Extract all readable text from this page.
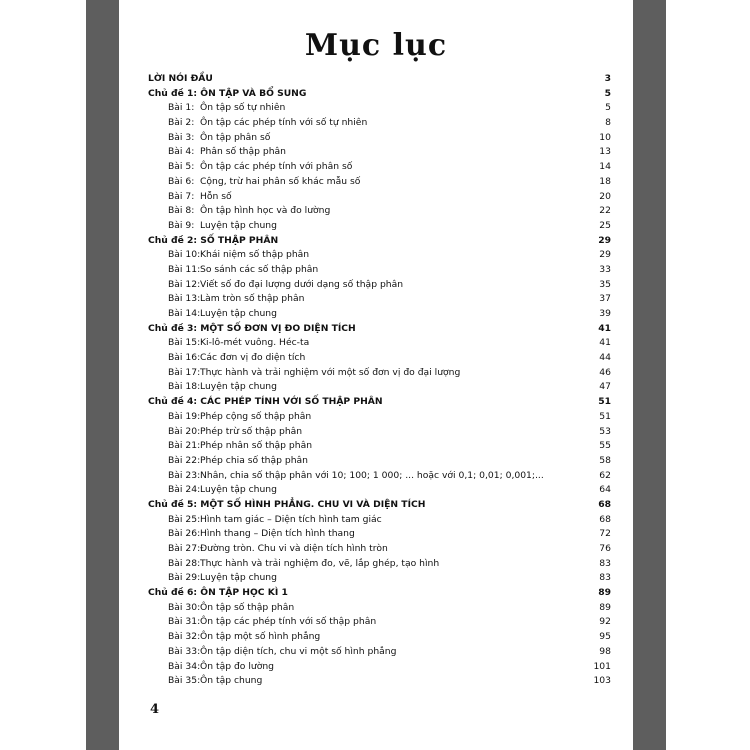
Mục lục
LỜI NÓI ĐẦU	3
Chủ đề 1: ÔN TẬP VÀ BỔ SUNG	5
Bài 1: Ôn tập số tự nhiên	5
Bài 2: Ôn tập các phép tính với số tự nhiên	8
Bài 3: Ôn tập phân số	10
Bài 4: Phân số thập phân	13
Bài 5: Ôn tập các phép tính với phân số	14
Bài 6: Cộng, trừ hai phân số khác mẫu số	18
Bài 7: Hỗn số	20
Bài 8: Ôn tập hình học và đo lường	22
Bài 9: Luyện tập chung	25
Chủ đề 2: SỐ THẬP PHÂN	29
Bài 10:Khái niệm số thập phân	29
Bài 11:So sánh các số thập phân	33
Bài 12:Viết số đo đại lượng dưới dạng số thập phân	35
Bài 13:Làm tròn số thập phân	37
Bài 14:Luyện tập chung	39
Chủ đề 3: MỘT SỐ ĐƠN VỊ ĐO DIỆN TÍCH	41
Bài 15:Ki-lô-mét vuông. Héc-ta	41
Bài 16:Các đơn vị đo diện tích	44
Bài 17:Thực hành và trải nghiệm với một số đơn vị đo đại lượng	46
Bài 18:Luyện tập chung	47
Chủ đề 4: CÁC PHÉP TÍNH VỚI SỐ THẬP PHÂN	51
Bài 19:Phép cộng số thập phân	51
Bài 20:Phép trừ số thập phân	53
Bài 21:Phép nhân số thập phân	55
Bài 22:Phép chia số thập phân	58
Bài 23:Nhân, chia số thập phân với 10; 100; 1 000; ... hoặc với 0,1; 0,01; 0,001;...	62
Bài 24:Luyện tập chung	64
Chủ đề 5: MỘT SỐ HÌNH PHẲNG. CHU VI VÀ DIỆN TÍCH	68
Bài 25:Hình tam giác – Diện tích hình tam giác	68
Bài 26:Hình thang – Diện tích hình thang	72
Bài 27:Đường tròn. Chu vi và diện tích hình tròn	76
Bài 28:Thực hành và trải nghiệm đo, vẽ, lắp ghép, tạo hình	83
Bài 29:Luyện tập chung	83
Chủ đề 6: ÔN TẬP HỌC KÌ 1	89
Bài 30:Ôn tập số thập phân	89
Bài 31:Ôn tập các phép tính với số thập phân	92
Bài 32:Ôn tập một số hình phẳng	95
Bài 33:Ôn tập diện tích, chu vi một số hình phẳng	98
Bài 34:Ôn tập đo lường	101
Bài 35:Ôn tập chung	103
4
